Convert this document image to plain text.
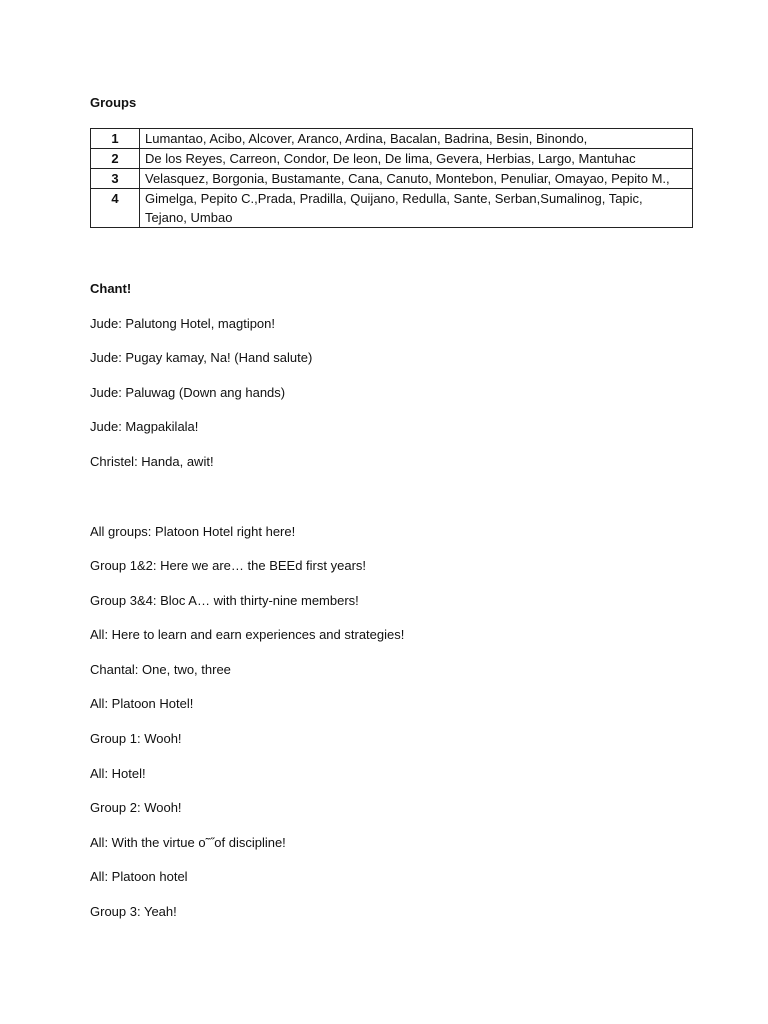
Groups
1	Lumantao, Acibo, Alcover, Aranco, Ardina, Bacalan, Badrina, Besin, Binondo,
2	De los Reyes, Carreon, Condor, De leon, De lima, Gevera, Herbias, Largo, Mantuhac
3	Velasquez, Borgonia, Bustamante, Cana, Canuto, Montebon, Penuliar, Omayao, Pepito M.,
4	Gimelga, Pepito C.,Prada, Pradilla, Quijano, Redulla, Sante, Serban,Sumalinog, Tapic, Tejano, Umbao
Chant!
Jude: Palutong Hotel, magtipon!
Jude: Pugay kamay, Na! (Hand salute)
Jude: Paluwag (Down ang hands)
Jude: Magpakilala!
Christel: Handa, awit!
All groups: Platoon Hotel right here!
Group 1&2: Here we are… the BEEd first years!
Group 3&4: Bloc A… with thirty-nine members!
All: Here to learn and earn experiences and strategies!
Chantal: One, two, three
All: Platoon Hotel!
Group 1: Wooh!
All: Hotel!
Group 2: Wooh!
All: With the virtue o˜˝of discipline!
All: Platoon hotel
Group 3: Yeah!
